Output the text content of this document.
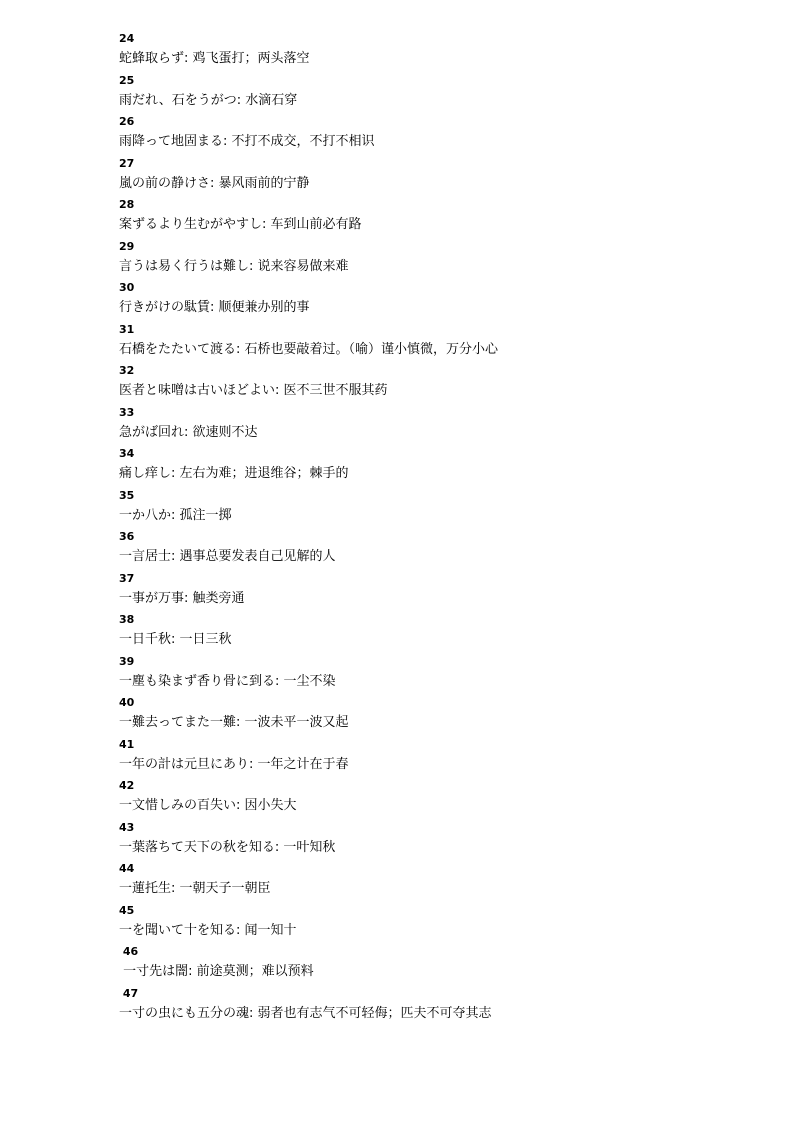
24
蛇蜂取らず: 鸡飞蛋打；两头落空
25
雨だれ、石をうがつ: 水滴石穿
26
雨降って地固まる: 不打不成交，不打不相识
27
嵐の前の静けさ: 暴风雨前的宁静
28
案ずるより生むがやすし: 车到山前必有路
29
言うは易く行うは難し: 说来容易做来难
30
行きがけの駄賃: 顺便兼办别的事
31
石橋をたたいて渡る: 石桥也要敲着过。（喻）谨小慎微，万分小心
32
医者と味噌は古いほどよい: 医不三世不服其药
33
急がば回れ: 欲速则不达
34
痛し痒し: 左右为难；进退维谷；棘手的
35
一か八か: 孤注一掷
36
一言居士: 遇事总要发表自己见解的人
37
一事が万事: 触类旁通
38
一日千秋: 一日三秋
39
一塵も染まず香り骨に到る: 一尘不染
40
一難去ってまた一難: 一波未平一波又起
41
一年の計は元旦にあり: 一年之计在于春
42
一文惜しみの百失い: 因小失大
43
一葉落ちて天下の秋を知る: 一叶知秋
44
一蓮托生: 一朝天子一朝臣
45
一を聞いて十を知る: 闻一知十
46
一寸先は闇: 前途莫测；难以预料
47
一寸の虫にも五分の魂: 弱者也有志气不可轻侮；匹夫不可夺其志
